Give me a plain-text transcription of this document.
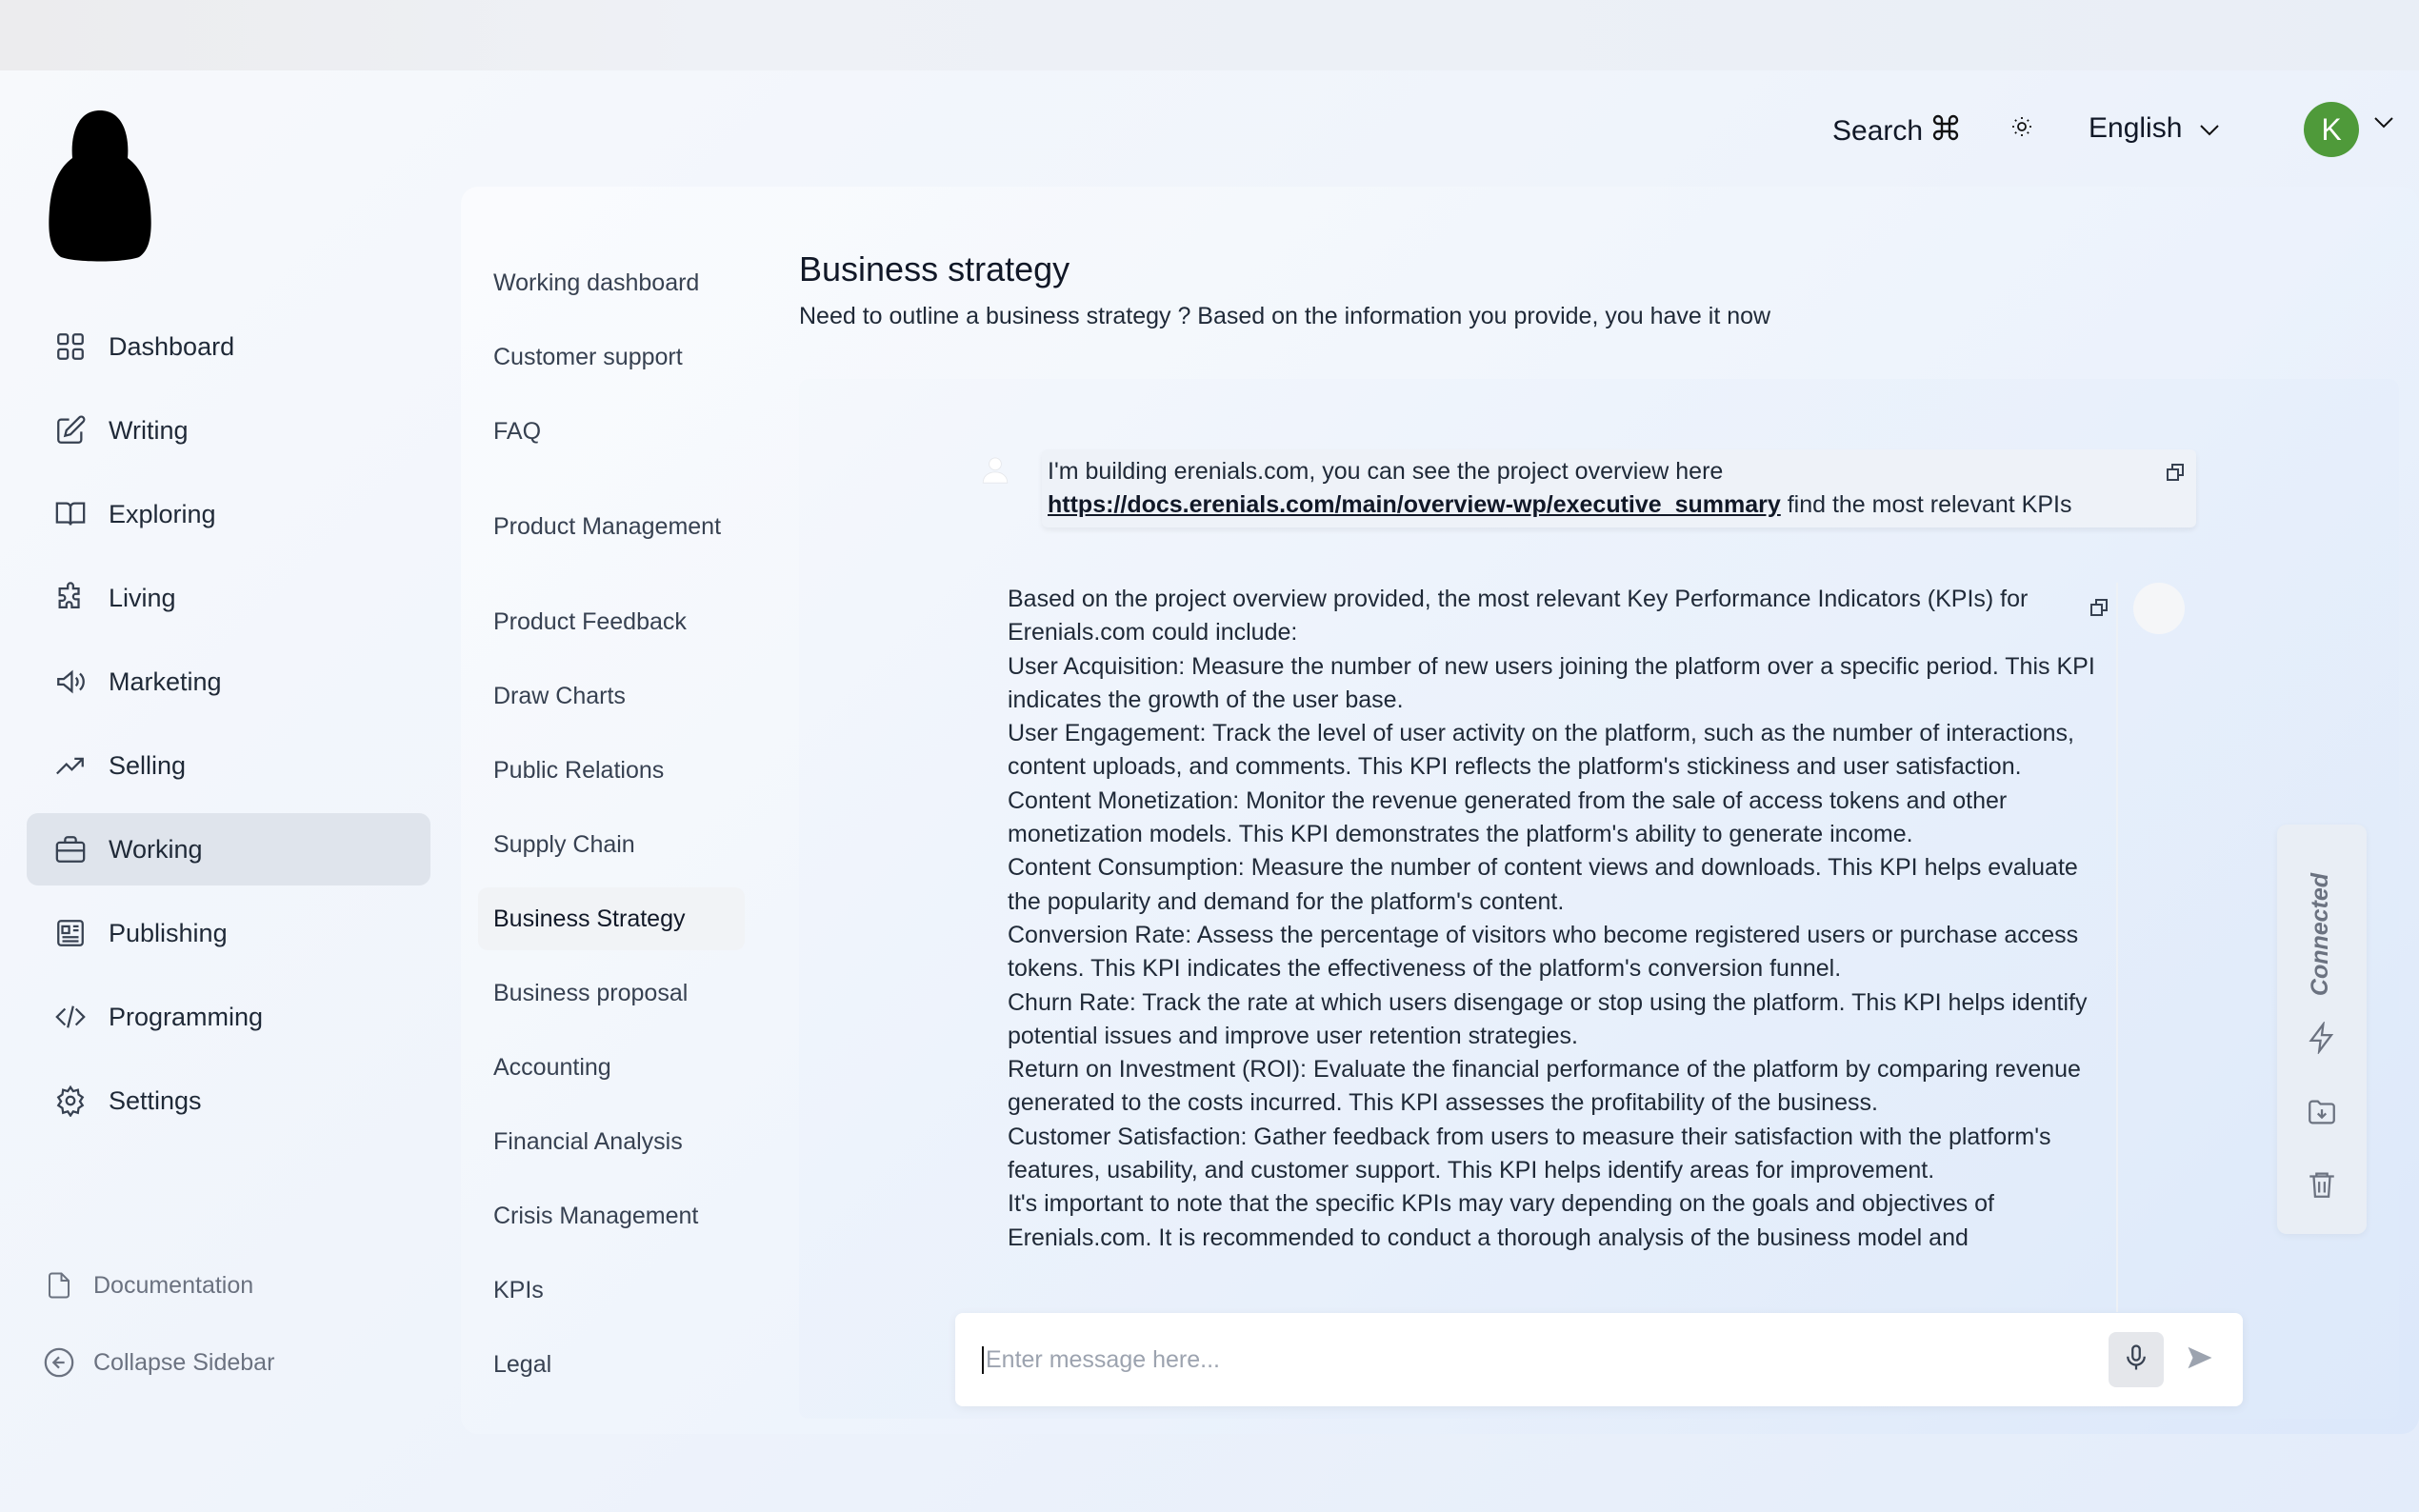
Search	English	K
Dashboard
Writing
Exploring
Living
Marketing
Selling
Working
Publishing
Programming
Settings
Documentation
Collapse Sidebar
Working dashboard
Customer support
FAQ
Product Management
Product Feedback
Draw Charts
Public Relations
Supply Chain
Business Strategy
Business proposal
Accounting
Financial Analysis
Crisis Management
KPIs
Legal
Business strategy
Need to outline a business strategy ? Based on the information you provide, you have it now
I'm building erenials.com, you can see the project overview here
https://docs.erenials.com/main/overview-wp/executive_summary find the most relevant KPIs

Based on the project overview provided, the most relevant Key Performance Indicators (KPIs) for Erenials.com could include:

User Acquisition: Measure the number of new users joining the platform over a specific period. This KPI indicates the growth of the user base.

User Engagement: Track the level of user activity on the platform, such as the number of interactions, content uploads, and comments. This KPI reflects the platform's stickiness and user satisfaction.

Content Monetization: Monitor the revenue generated from the sale of access tokens and other monetization models. This KPI demonstrates the platform's ability to generate income.

Content Consumption: Measure the number of content views and downloads. This KPI helps evaluate the popularity and demand for the platform's content.

Conversion Rate: Assess the percentage of visitors who become registered users or purchase access tokens. This KPI indicates the effectiveness of the platform's conversion funnel.

Churn Rate: Track the rate at which users disengage or stop using the platform. This KPI helps identify potential issues and improve user retention strategies.

Return on Investment (ROI): Evaluate the financial performance of the platform by comparing revenue generated to the costs incurred. This KPI assesses the profitability of the business.

Customer Satisfaction: Gather feedback from users to measure their satisfaction with the platform's features, usability, and customer support. This KPI helps identify areas for improvement.

It's important to note that the specific KPIs may vary depending on the goals and objectives of Erenials.com. It is recommended to conduct a thorough analysis of the business model and

Enter message here...
Connected
